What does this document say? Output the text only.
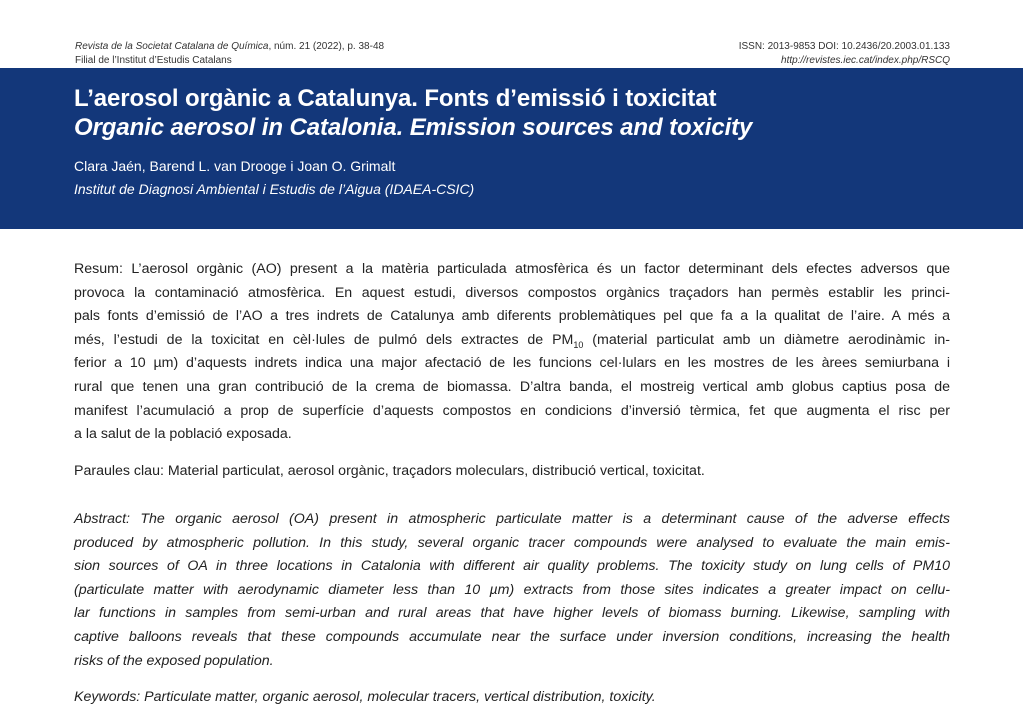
Revista de la Societat Catalana de Química, núm. 21 (2022), p. 38-48
Filial de l’Institut d’Estudis Catalans
ISSN: 2013-9853 DOI: 10.2436/20.2003.01.133
http://revistes.iec.cat/index.php/RSCQ
L’aerosol orgànic a Catalunya. Fonts d’emissió i toxicitat
Organic aerosol in Catalonia. Emission sources and toxicity
Clara Jaén, Barend L. van Drooge i Joan O. Grimalt
Institut de Diagnosi Ambiental i Estudis de l’Aigua (IDAEA-CSIC)
Resum: L’aerosol orgànic (AO) present a la matèria particulada atmosfèrica és un factor determinant dels efectes adversos que
provoca la contaminació atmosfèrica. En aquest estudi, diversos compostos orgànics traçadors han permès establir les princi-
pals fonts d’emissió de l’AO a tres indrets de Catalunya amb diferents problemàtiques pel que fa a la qualitat de l’aire. A més a
més, l’estudi de la toxicitat en cèl·lules de pulmó dels extractes de $PM_{10}$ (material particulat amb un diàmetre aerodinàmic in-
ferior a 10 µm) d’aquests indrets indica una major afectació de les funcions cel·lulars en les mostres de les àrees semiurbana i
rural que tenen una gran contribució de la crema de biomassa. D’altra banda, el mostreig vertical amb globus captius posa de
manifest l’acumulació a prop de superfície d’aquests compostos en condicions d’inversió tèrmica, fet que augmenta el risc per
a la salut de la població exposada.
Paraules clau: Material particulat, aerosol orgànic, traçadors moleculars, distribució vertical, toxicitat.
Abstract: The organic aerosol (OA) present in atmospheric particulate matter is a determinant cause of the adverse effects
produced by atmospheric pollution. In this study, several organic tracer compounds were analysed to evaluate the main emis-
sion sources of OA in three locations in Catalonia with different air quality problems. The toxicity study on lung cells of PM10
(particulate matter with aerodynamic diameter less than 10 µm) extracts from those sites indicates a greater impact on cellu-
lar functions in samples from semi-urban and rural areas that have higher levels of biomass burning. Likewise, sampling with
captive balloons reveals that these compounds accumulate near the surface under inversion conditions, increasing the health
risks of the exposed population.
Keywords: Particulate matter, organic aerosol, molecular tracers, vertical distribution, toxicity.
